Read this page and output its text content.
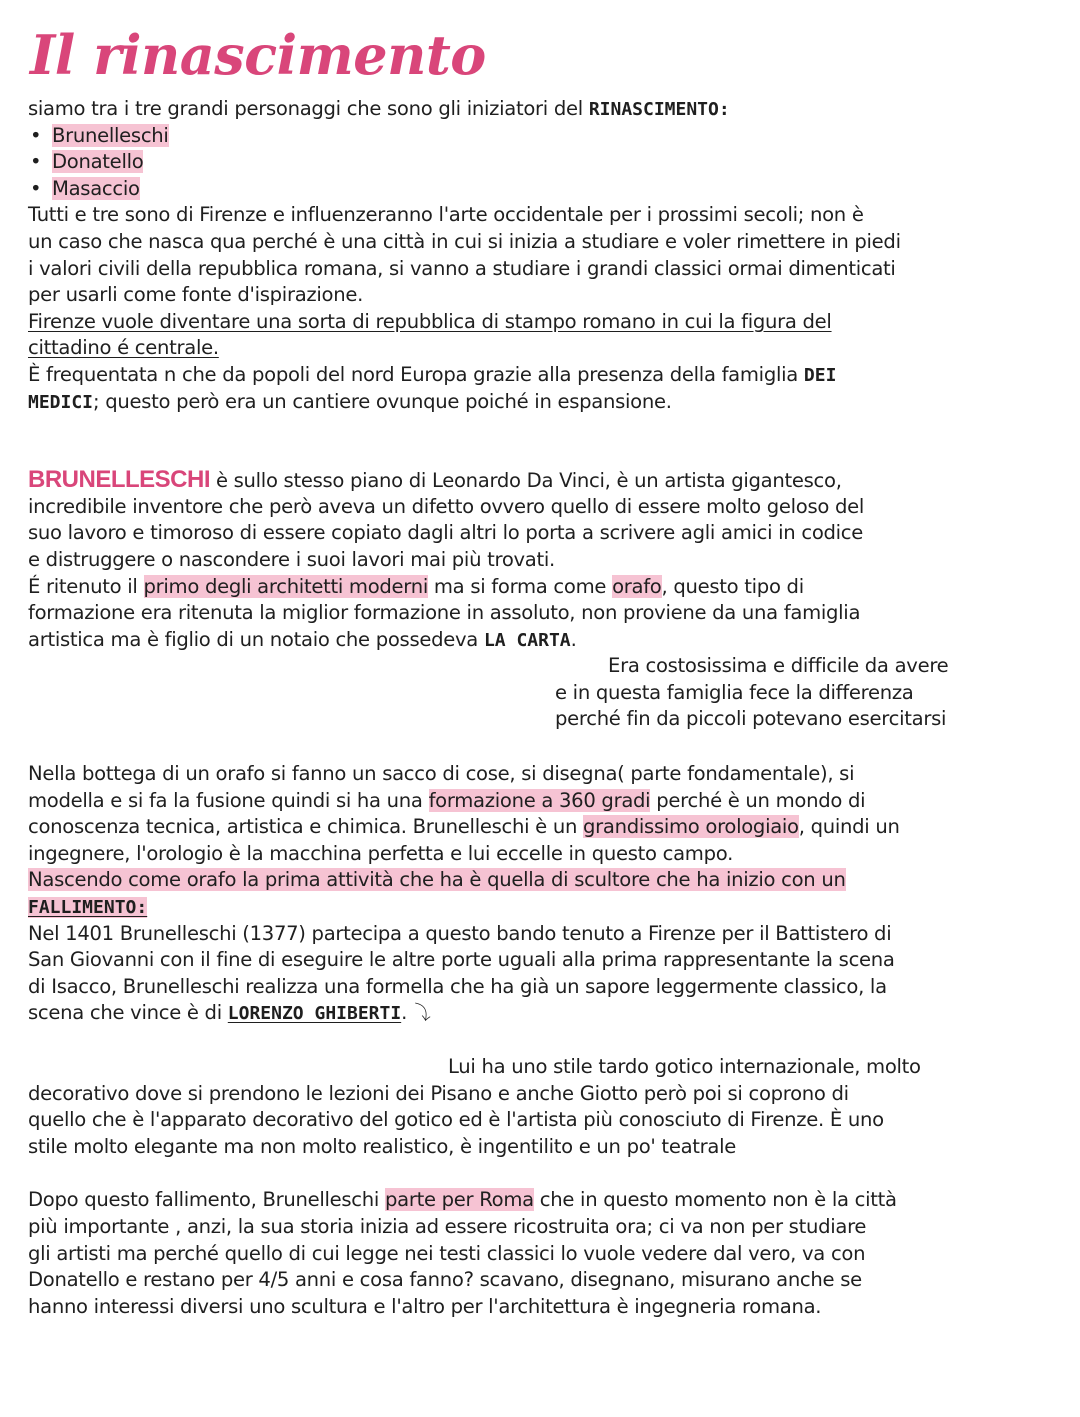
Il rinascimento
siamo tra i tre grandi personaggi che sono gli iniziatori del RINASCIMENTO:
• Brunelleschi
• Donatello
• Masaccio
Tutti e tre sono di Firenze e influenzeranno l'arte occidentale per i prossimi secoli; non è
un caso che nasca qua perché è una città in cui si inizia a studiare e voler rimettere in piedi
i valori civili della repubblica romana, si vanno a studiare i grandi classici ormai dimenticati
per usarli come fonte d'ispirazione.
Firenze vuole diventare una sorta di repubblica di stampo romano in cui la figura del
cittadino é centrale.
È frequentata n che da popoli del nord Europa grazie alla presenza della famiglia DEI
MEDICI; questo però era un cantiere ovunque poiché in espansione.
BRUNELLESCHI è sullo stesso piano di Leonardo Da Vinci, è un artista gigantesco,
incredibile inventore che però aveva un difetto ovvero quello di essere molto geloso del
suo lavoro e timoroso di essere copiato dagli altri lo porta a scrivere agli amici in codice
e distruggere o nascondere i suoi lavori mai più trovati.
É ritenuto il primo degli architetti moderni ma si forma come orafo, questo tipo di
formazione era ritenuta la miglior formazione in assoluto, non proviene da una famiglia
artistica ma è figlio di un notaio che possedeva LA CARTA.
Era costosissima e difficile da avere
e in questa famiglia fece la differenza
perché fin da piccoli potevano esercitarsi
Nella bottega di un orafo si fanno un sacco di cose, si disegna( parte fondamentale), si
modella e si fa la fusione quindi si ha una formazione a 360 gradi perché è un mondo di
conoscenza tecnica, artistica e chimica. Brunelleschi è un grandissimo orologiaio, quindi un
ingegnere, l'orologio è la macchina perfetta e lui eccelle in questo campo.
Nascendo come orafo la prima attività che ha è quella di scultore che ha inizio con un
FALLIMENTO:
Nel 1401 Brunelleschi (1377) partecipa a questo bando tenuto a Firenze per il Battistero di
San Giovanni con il fine di eseguire le altre porte uguali alla prima rappresentante la scena
di Isacco, Brunelleschi realizza una formella che ha già un sapore leggermente classico, la
scena che vince è di LORENZO GHIBERTI. ⤵
Lui ha uno stile tardo gotico internazionale, molto
decorativo dove si prendono le lezioni dei Pisano e anche Giotto però poi si coprono di
quello che è l'apparato decorativo del gotico ed è l'artista più conosciuto di Firenze. È uno
stile molto elegante ma non molto realistico, è ingentilito e un po' teatrale
Dopo questo fallimento, Brunelleschi parte per Roma che in questo momento non è la città
più importante , anzi, la sua storia inizia ad essere ricostruita ora; ci va non per studiare
gli artisti ma perché quello di cui legge nei testi classici lo vuole vedere dal vero, va con
Donatello e restano per 4/5 anni e cosa fanno? scavano, disegnano, misurano anche se
hanno interessi diversi uno scultura e l'altro per l'architettura è ingegneria romana.
